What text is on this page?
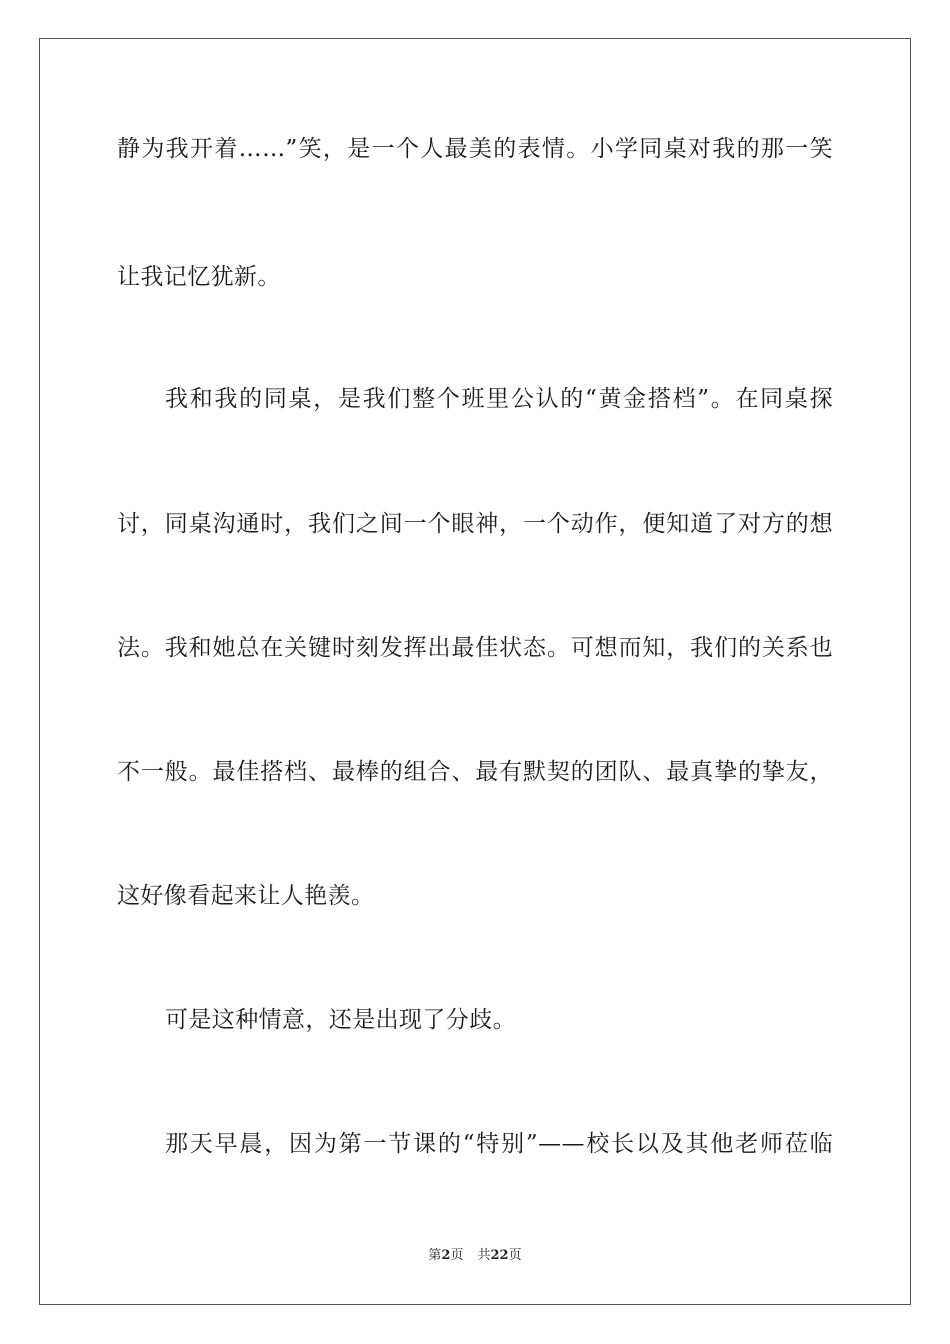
静为我开着……”笑，是一个人最美的表情。小学同桌对我的那一笑
让我记忆犹新。
我和我的同桌，是我们整个班里公认的“黄金搭档”。在同桌探
讨，同桌沟通时，我们之间一个眼神，一个动作，便知道了对方的想
法。我和她总在关键时刻发挥出最佳状态。可想而知，我们的关系也
不一般。最佳搭档、最棒的组合、最有默契的团队、最真挚的挚友，
这好像看起来让人艳羡。
可是这种情意，还是出现了分歧。
那天早晨，因为第一节课的“特别”——校长以及其他老师莅临
第2页 共22页
